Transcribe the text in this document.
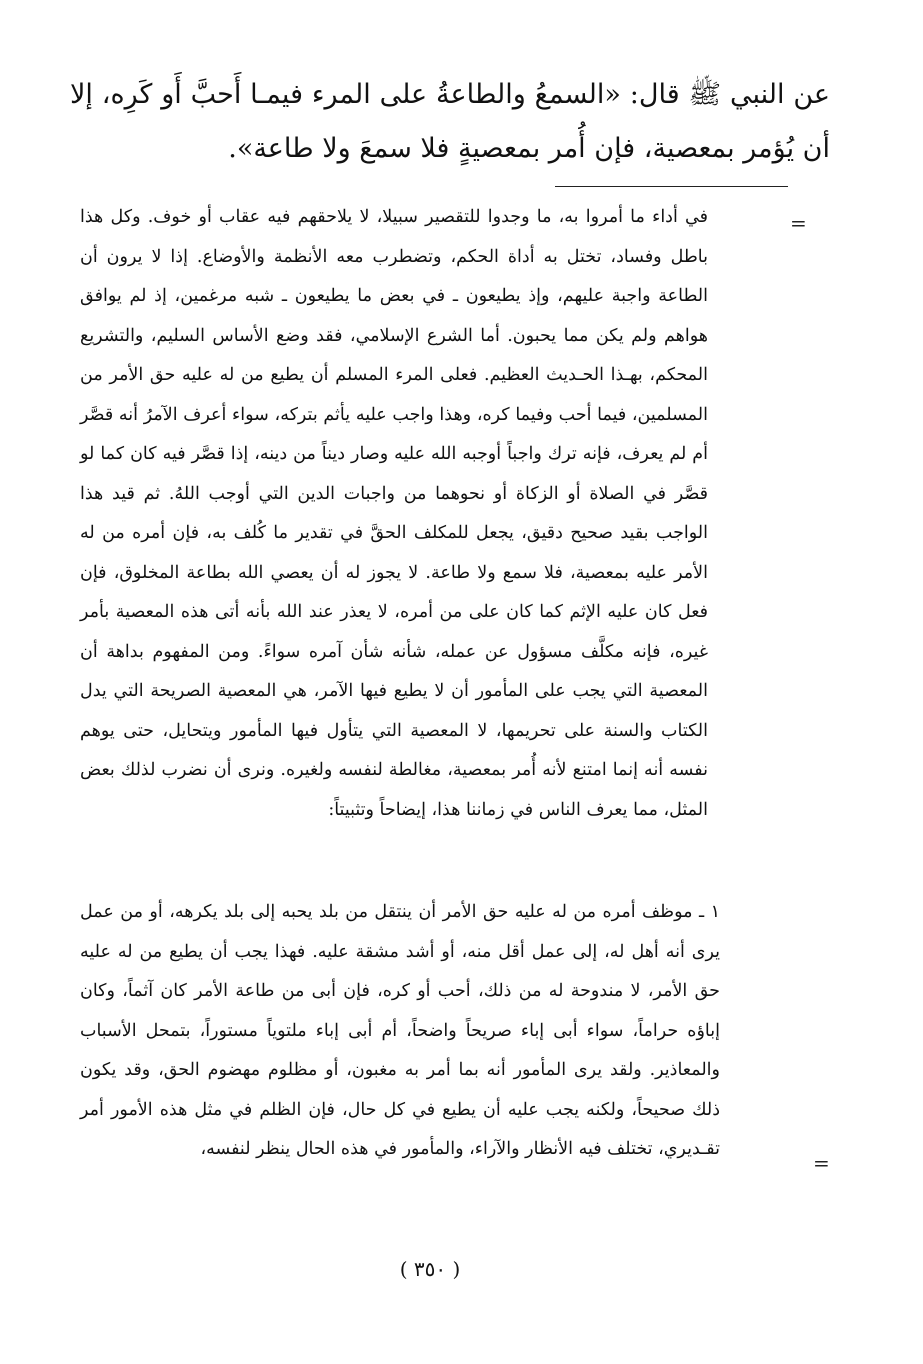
عن النبي ﷺ قال: «السمعُ والطاعةُ على المرء فيمـا أَحبَّ أَو كَرِه، إلا أن يُؤمر بمعصية، فإن أُمر بمعصيةٍ فلا سمعَ ولا طاعة».
=

في أداء ما أمروا به، ما وجدوا للتقصير سبيلا، لا يلاحقهم فيه عقاب أو خوف. وكل هذا باطل وفساد، تختل به أداة الحكم، وتضطرب معه الأنظمة والأوضاع. إذا لا يرون أن الطاعة واجبة عليهم، وإذ يطيعون ـ في بعض ما يطيعون ـ شبه مرغمين، إذ لم يوافق هواهم ولم يكن مما يحبون. أما الشرع الإسلامي، فقد وضع الأساس السليم، والتشريع المحكم، بهـذا الحـديث العظيم. فعلى المرء المسلم أن يطيع من له عليه حق الأمر من المسلمين، فيما أحب وفيما كره، وهذا واجب عليه يأثم بتركه، سواء أعرف الآمرُ أنه قصَّر أم لم يعرف، فإنه ترك واجباً أوجبه الله عليه وصار ديناً من دينه، إذا قصَّر فيه كان كما لو قصَّر في الصلاة أو الزكاة أو نحوهما من واجبات الدين التي أوجب اللهُ. ثم قيد هذا الواجب بقيد صحيح دقيق، يجعل للمكلف الحقَّ في تقدير ما كُلف به، فإن أمره من له الأمر عليه بمعصية، فلا سمع ولا طاعة. لا يجوز له أن يعصي الله بطاعة المخلوق، فإن فعل كان عليه الإثم كما كان على من أمره، لا يعذر عند الله بأنه أتى هذه المعصية بأمر غيره، فإنه مكلَّف مسؤول عن عمله، شأنه شأن آمره سواءً. ومن المفهوم بداهة أن المعصية التي يجب على المأمور أن لا يطيع فيها الآمر، هي المعصية الصريحة التي يدل الكتاب والسنة على تحريمها، لا المعصية التي يتأول فيها المأمور ويتحايل، حتى يوهم نفسه أنه إنما امتنع لأنه أُمر بمعصية، مغالطة لنفسه ولغيره. ونرى أن نضرب لذلك بعض المثل، مما يعرف الناس في زماننا هذا، إيضاحاً وتثبيتاً:

١ ـ موظف أمره من له عليه حق الأمر أن ينتقل من بلد يحبه إلى بلد يكرهه، أو من عمل يرى أنه أهل له، إلى عمل أقل منه، أو أشد مشقة عليه. فهذا يجب أن يطيع من له عليه حق الأمر، لا مندوحة له من ذلك، أحب أو كره، فإن أبى من طاعة الأمر كان آثماً، وكان إباؤه حراماً، سواء أبى إباء صريحاً واضحاً، أم أبى إباء ملتوياً مستوراً، بتمحل الأسباب والمعاذير. ولقد يرى المأمور أنه بما أمر به مغبون، أو مظلوم مهضوم الحق، وقد يكون ذلك صحيحاً، ولكنه يجب عليه أن يطيع في كل حال، فإن الظلم في مثل هذه الأمور أمر تقـديري، تختلف فيه الأنظار والآراء، والمأمور في هذه الحال ينظر لنفسه،
=
( ٣٥٠ )
